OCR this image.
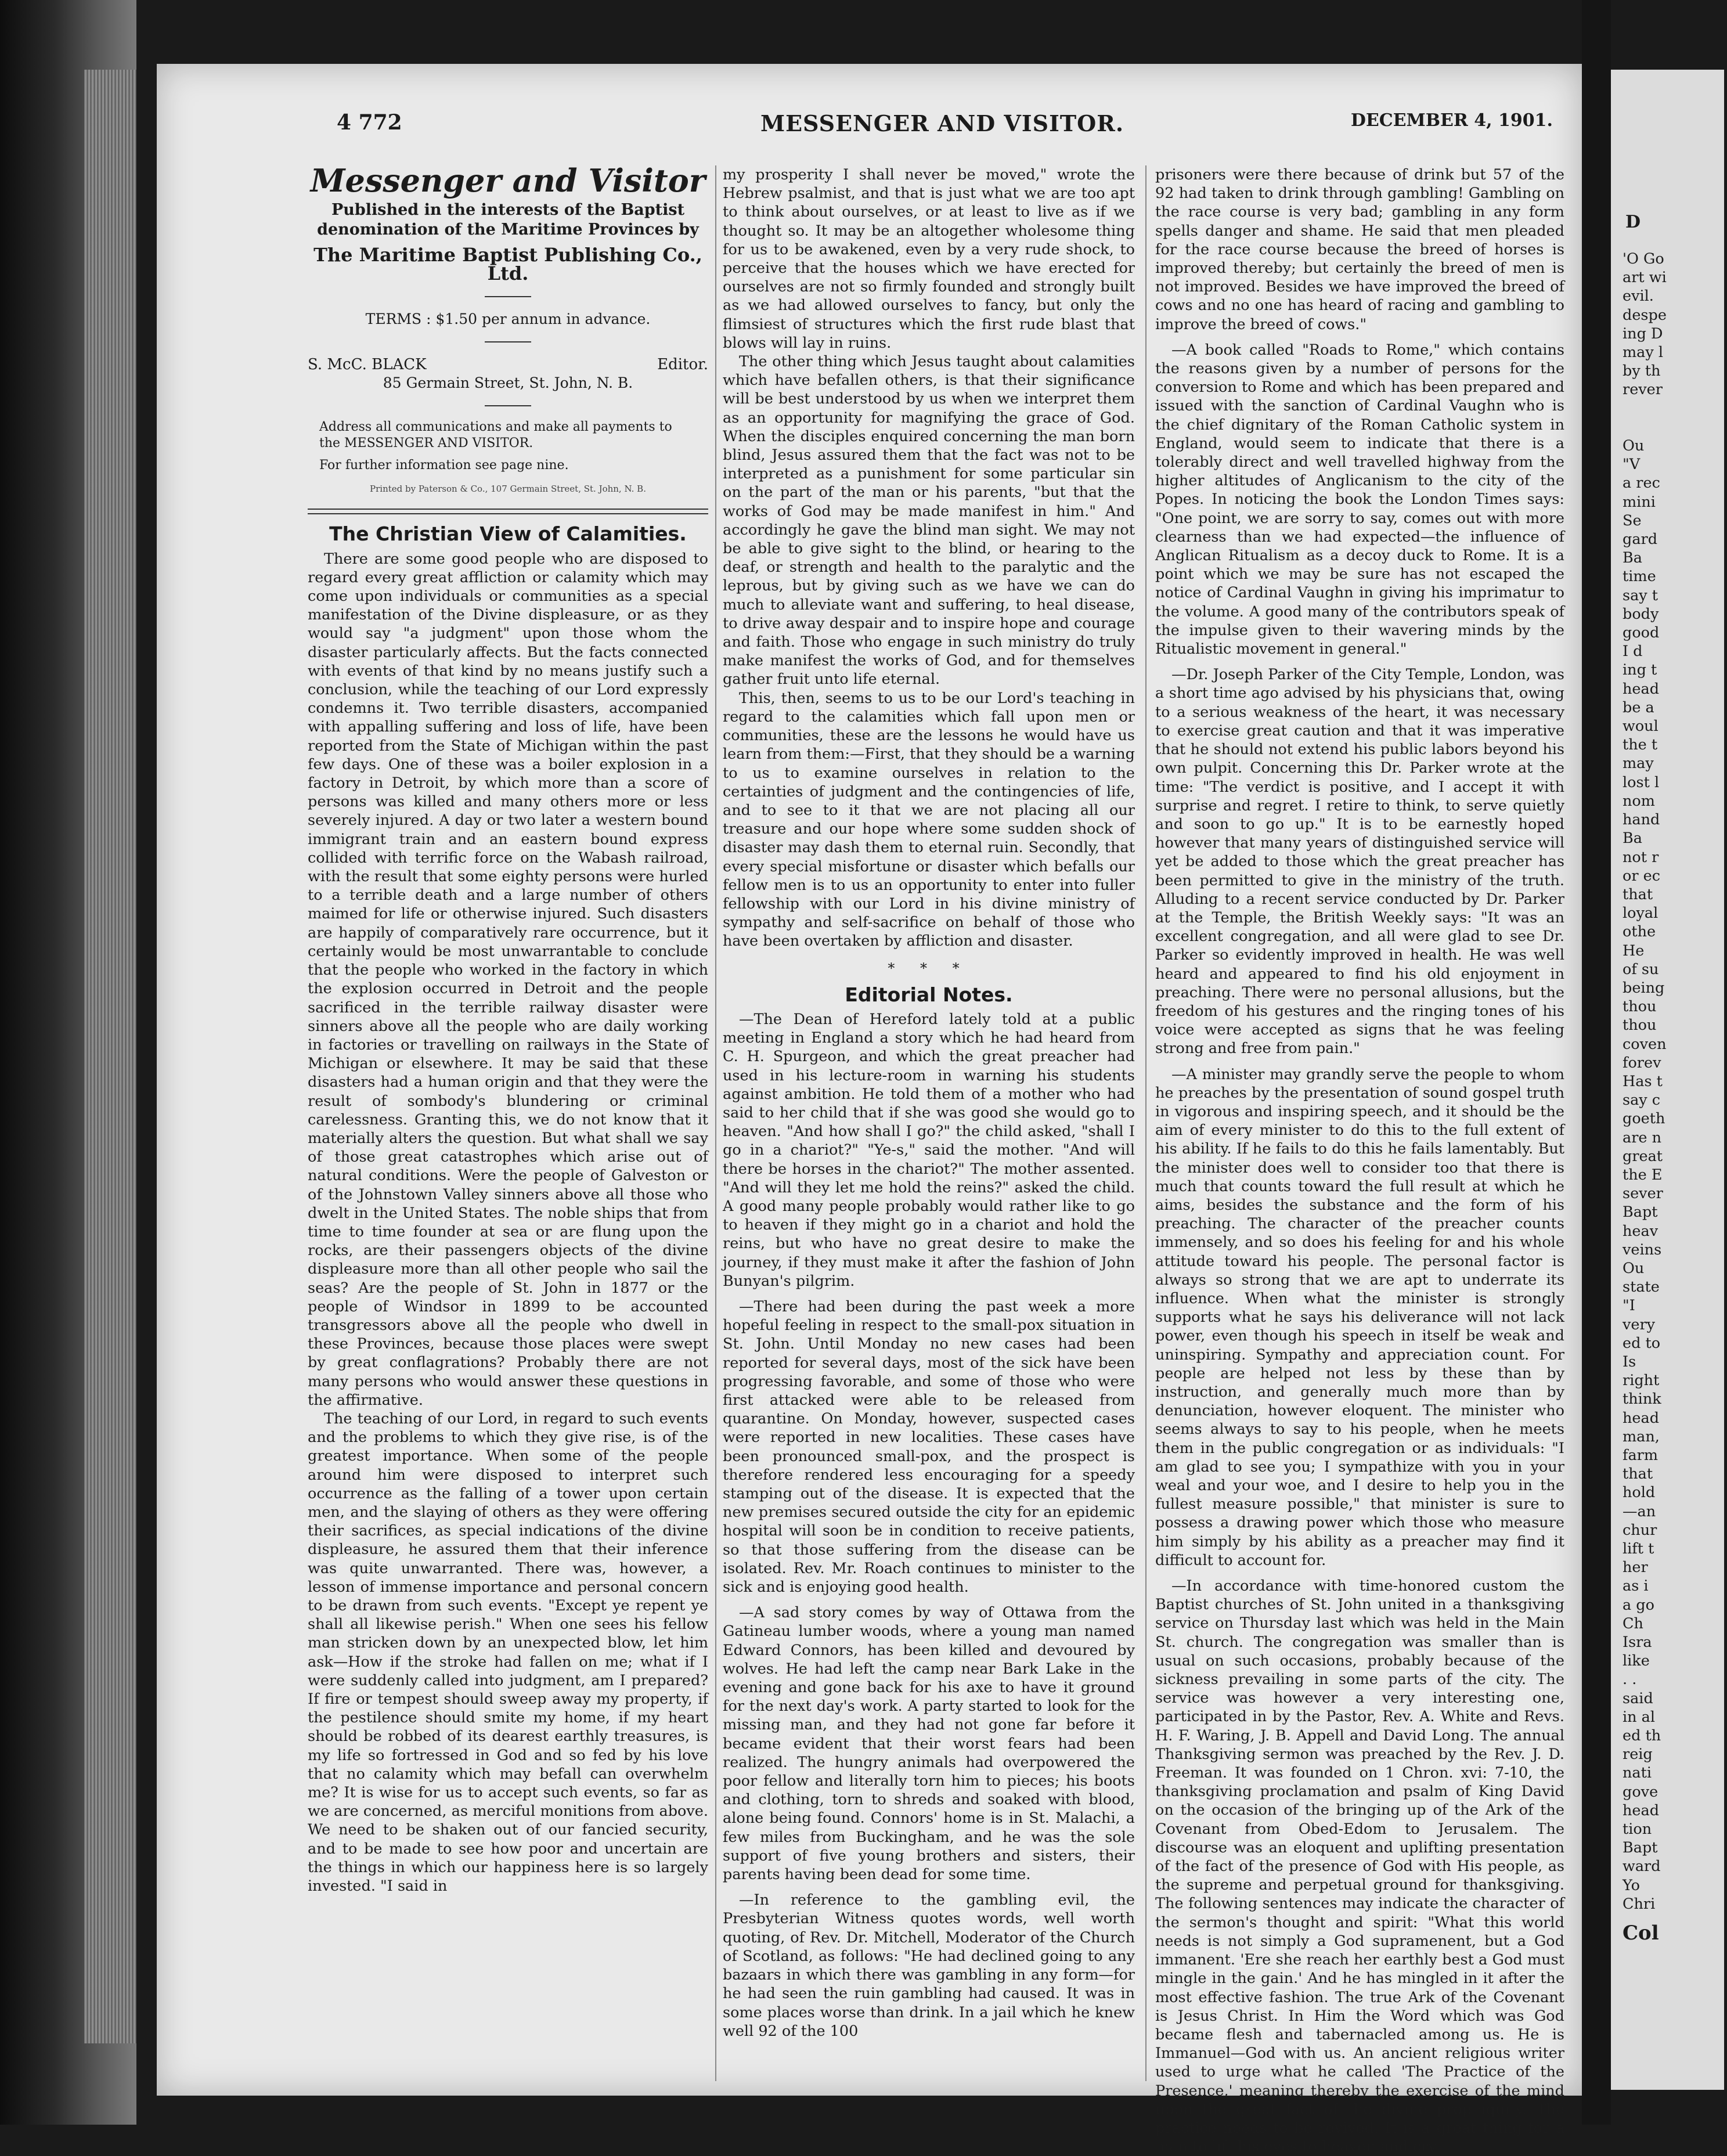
4 772	MESSENGER AND VISITOR.	DECEMBER 4, 1901.
Messenger and Visitor
Published in the interests of the Baptist denomination of the Maritime Provinces by
The Maritime Baptist Publishing Co., Ltd.
TERMS : $1.50 per annum in advance.
S. McC. BLACK	Editor.
85 Germain Street, St. John, N. B.
Address all communications and make all payments to the MESSENGER AND VISITOR.
For further information see page nine.
Printed by Paterson & Co., 107 Germain Street, St. John, N. B.
The Christian View of Calamities.

There are some good people who are disposed to regard every great affliction or calamity which may come upon individuals or communities as a special manifestation of the Divine displeasure, or as they would say "a judgment" upon those whom the disaster particularly affects. But the facts connected with events of that kind by no means justify such a conclusion, while the teaching of our Lord expressly condemns it. Two terrible disasters, accompanied with appalling suffering and loss of life, have been reported from the State of Michigan within the past few days. One of these was a boiler explosion in a factory in Detroit, by which more than a score of persons was killed and many others more or less severely injured. A day or two later a western bound immigrant train and an eastern bound express collided with terrific force on the Wabash railroad, with the result that some eighty persons were hurled to a terrible death and a large number of others maimed for life or otherwise injured. Such disasters are happily of comparatively rare occurrence, but it certainly would be most unwarrantable to conclude that the people who worked in the factory in which the explosion occurred in Detroit and the people sacrificed in the terrible railway disaster were sinners above all the people who are daily working in factories or travelling on railways in the State of Michigan or elsewhere. It may be said that these disasters had a human origin and that they were the result of sombody's blundering or criminal carelessness. Granting this, we do not know that it materially alters the question. But what shall we say of those great catastrophes which arise out of natural conditions. Were the people of Galveston or of the Johnstown Valley sinners above all those who dwelt in the United States. The noble ships that from time to time founder at sea or are flung upon the rocks, are their passengers objects of the divine displeasure more than all other people who sail the seas? Are the people of St. John in 1877 or the people of Windsor in 1899 to be accounted transgressors above all the people who dwell in these Provinces, because those places were swept by great conflagrations? Probably there are not many persons who would answer these questions in the affirmative.

The teaching of our Lord, in regard to such events and the problems to which they give rise, is of the greatest importance. When some of the people around him were disposed to interpret such occurrence as the falling of a tower upon certain men, and the slaying of others as they were offering their sacrifices, as special indications of the divine displeasure, he assured them that their inference was quite unwarranted. There was, however, a lesson of immense importance and personal concern to be drawn from such events. "Except ye repent ye shall all likewise perish." When one sees his fellow man stricken down by an unexpected blow, let him ask—How if the stroke had fallen on me; what if I were suddenly called into judgment, am I prepared? If fire or tempest should sweep away my property, if the pestilence should smite my home, if my heart should be robbed of its dearest earthly treasures, is my life so fortressed in God and so fed by his love that no calamity which may befall can overwhelm me? It is wise for us to accept such events, so far as we are concerned, as merciful monitions from above. We need to be shaken out of our fancied security, and to be made to see how poor and uncertain are the things in which our happiness here is so largely invested. "I said in

my prosperity I shall never be moved," wrote the Hebrew psalmist, and that is just what we are too apt to think about ourselves, or at least to live as if we thought so. It may be an altogether wholesome thing for us to be awakened, even by a very rude shock, to perceive that the houses which we have erected for ourselves are not so firmly founded and strongly built as we had allowed ourselves to fancy, but only the flimsiest of structures which the first rude blast that blows will lay in ruins.

The other thing which Jesus taught about calamities which have befallen others, is that their significance will be best understood by us when we interpret them as an opportunity for magnifying the grace of God. When the disciples enquired concerning the man born blind, Jesus assured them that the fact was not to be interpreted as a punishment for some particular sin on the part of the man or his parents, "but that the works of God may be made manifest in him." And accordingly he gave the blind man sight. We may not be able to give sight to the blind, or hearing to the deaf, or strength and health to the paralytic and the leprous, but by giving such as we have we can do much to alleviate want and suffering, to heal disease, to drive away despair and to inspire hope and courage and faith. Those who engage in such ministry do truly make manifest the works of God, and for themselves gather fruit unto life eternal.

This, then, seems to us to be our Lord's teaching in regard to the calamities which fall upon men or communities, these are the lessons he would have us learn from them:—First, that they should be a warning to us to examine ourselves in relation to the certainties of judgment and the contingencies of life, and to see to it that we are not placing all our treasure and our hope where some sudden shock of disaster may dash them to eternal ruin. Secondly, that every special misfortune or disaster which befalls our fellow men is to us an opportunity to enter into fuller fellowship with our Lord in his divine ministry of sympathy and self-sacrifice on behalf of those who have been overtaken by affliction and disaster.

* * *
Editorial Notes.

—The Dean of Hereford lately told at a public meeting in England a story which he had heard from C. H. Spurgeon, and which the great preacher had used in his lecture-room in warning his students against ambition. He told them of a mother who had said to her child that if she was good she would go to heaven. "And how shall I go?" the child asked, "shall I go in a chariot?" "Ye-s," said the mother. "And will there be horses in the chariot?" The mother assented. "And will they let me hold the reins?" asked the child. A good many people probably would rather like to go to heaven if they might go in a chariot and hold the reins, but who have no great desire to make the journey, if they must make it after the fashion of John Bunyan's pilgrim.

—There had been during the past week a more hopeful feeling in respect to the small-pox situation in St. John. Until Monday no new cases had been reported for several days, most of the sick have been progressing favorable, and some of those who were first attacked were able to be released from quarantine. On Monday, however, suspected cases were reported in new localities. These cases have been pronounced small-pox, and the prospect is therefore rendered less encouraging for a speedy stamping out of the disease. It is expected that the new premises secured outside the city for an epidemic hospital will soon be in condition to receive patients, so that those suffering from the disease can be isolated. Rev. Mr. Roach continues to minister to the sick and is enjoying good health.

—A sad story comes by way of Ottawa from the Gatineau lumber woods, where a young man named Edward Connors, has been killed and devoured by wolves. He had left the camp near Bark Lake in the evening and gone back for his axe to have it ground for the next day's work. A party started to look for the missing man, and they had not gone far before it became evident that their worst fears had been realized. The hungry animals had overpowered the poor fellow and literally torn him to pieces; his boots and clothing, torn to shreds and soaked with blood, alone being found. Connors' home is in St. Malachi, a few miles from Buckingham, and he was the sole support of five young brothers and sisters, their parents having been dead for some time.

—In reference to the gambling evil, the Presbyterian Witness quotes words, well worth quoting, of Rev. Dr. Mitchell, Moderator of the Church of Scotland, as follows: "He had declined going to any bazaars in which there was gambling in any form—for he had seen the ruin gambling had caused. It was in some places worse than drink. In a jail which he knew well 92 of the 100

prisoners were there because of drink but 57 of the 92 had taken to drink through gambling! Gambling on the race course is very bad; gambling in any form spells danger and shame. He said that men pleaded for the race course because the breed of horses is improved thereby; but certainly the breed of men is not improved. Besides we have improved the breed of cows and no one has heard of racing and gambling to improve the breed of cows."

—A book called "Roads to Rome," which contains the reasons given by a number of persons for the conversion to Rome and which has been prepared and issued with the sanction of Cardinal Vaughn who is the chief dignitary of the Roman Catholic system in England, would seem to indicate that there is a tolerably direct and well travelled highway from the higher altitudes of Anglicanism to the city of the Popes. In noticing the book the London Times says: "One point, we are sorry to say, comes out with more clearness than we had expected—the influence of Anglican Ritualism as a decoy duck to Rome. It is a point which we may be sure has not escaped the notice of Cardinal Vaughn in giving his imprimatur to the volume. A good many of the contributors speak of the impulse given to their wavering minds by the Ritualistic movement in general."

—Dr. Joseph Parker of the City Temple, London, was a short time ago advised by his physicians that, owing to a serious weakness of the heart, it was necessary to exercise great caution and that it was imperative that he should not extend his public labors beyond his own pulpit. Concerning this Dr. Parker wrote at the time: "The verdict is positive, and I accept it with surprise and regret. I retire to think, to serve quietly and soon to go up." It is to be earnestly hoped however that many years of distinguished service will yet be added to those which the great preacher has been permitted to give in the ministry of the truth. Alluding to a recent service conducted by Dr. Parker at the Temple, the British Weekly says: "It was an excellent congregation, and all were glad to see Dr. Parker so evidently improved in health. He was well heard and appeared to find his old enjoyment in preaching. There were no personal allusions, but the freedom of his gestures and the ringing tones of his voice were accepted as signs that he was feeling strong and free from pain."

—A minister may grandly serve the people to whom he preaches by the presentation of sound gospel truth in vigorous and inspiring speech, and it should be the aim of every minister to do this to the full extent of his ability. If he fails to do this he fails lamentably. But the minister does well to consider too that there is much that counts toward the full result at which he aims, besides the substance and the form of his preaching. The character of the preacher counts immensely, and so does his feeling for and his whole attitude toward his people. The personal factor is always so strong that we are apt to underrate its influence. When what the minister is strongly supports what he says his deliverance will not lack power, even though his speech in itself be weak and uninspiring. Sympathy and appreciation count. For people are helped not less by these than by instruction, and generally much more than by denunciation, however eloquent. The minister who seems always to say to his people, when he meets them in the public congregation or as individuals: "I am glad to see you; I sympathize with you in your weal and your woe, and I desire to help you in the fullest measure possible," that minister is sure to possess a drawing power which those who measure him simply by his ability as a preacher may find it difficult to account for.

—In accordance with time-honored custom the Baptist churches of St. John united in a thanksgiving service on Thursday last which was held in the Main St. church. The congregation was smaller than is usual on such occasions, probably because of the sickness prevailing in some parts of the city. The service was however a very interesting one, participated in by the Pastor, Rev. A. White and Revs. H. F. Waring, J. B. Appell and David Long. The annual Thanksgiving sermon was preached by the Rev. J. D. Freeman. It was founded on 1 Chron. xvi: 7-10, the thanksgiving proclamation and psalm of King David on the occasion of the bringing up of the Ark of the Covenant from Obed-Edom to Jerusalem. The discourse was an eloquent and uplifting presentation of the fact of the presence of God with His people, as the supreme and perpetual ground for thanksgiving. The following sentences may indicate the character of the sermon's thought and spirit: "What this world needs is not simply a God supramenent, but a God immanent. 'Ere she reach her earthly best a God must mingle in the gain.' And he has mingled in it after the most effective fashion. The true Ark of the Covenant is Jesus Christ. In Him the Word which was God became flesh and tabernacled among us. He is Immanuel—God with us. An ancient religious writer used to urge what he called 'The Practice of the Presence,' meaning thereby the exercise of the mind upon the great fact of the divine propinquity. The practice needs to be revived. It is a great thing for a man to lift his eyes to heaven and cry

D
'O Go
art wi
evil.
despe
ing D
may l
by th
rever

Ou
"V
a rec
mini
Se
gard
Ba
time
say t
body
good
I d
ing t
head
be a
woul
the t
may
lost l
nom
hand
Ba
not r
or ec
that
loyal
othe
He
of su
being
thou
thou
coven
forev
Has t
say c
goeth
are n
great
the E
sever
Bapt
heav
veins
Ou
state
"I
very
ed to
Is
right
think
head
man,
farm
that
hold
—an
chur
lift t
her
as i
a go
Ch
Isra
like
. .
said
in al
ed th
reig
nati
gove
head
tion
Bapt
ward
Yo
Chri
Col
